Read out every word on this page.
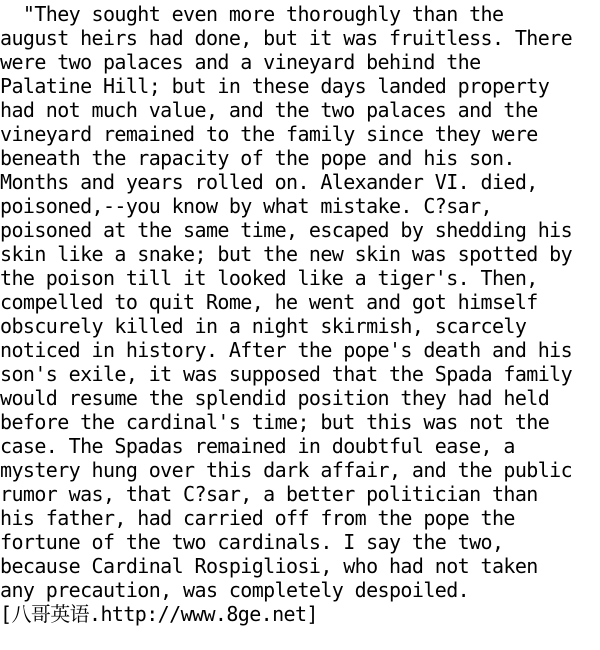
"They sought even more thoroughly than the
august heirs had done, but it was fruitless. There
were two palaces and a vineyard behind the
Palatine Hill; but in these days landed property
had not much value, and the two palaces and the
vineyard remained to the family since they were
beneath the rapacity of the pope and his son.
Months and years rolled on. Alexander VI. died,
poisoned,--you know by what mistake. C?sar,
poisoned at the same time, escaped by shedding his
skin like a snake; but the new skin was spotted by
the poison till it looked like a tiger's. Then,
compelled to quit Rome, he went and got himself
obscurely killed in a night skirmish, scarcely
noticed in history. After the pope's death and his
son's exile, it was supposed that the Spada family
would resume the splendid position they had held
before the cardinal's time; but this was not the
case. The Spadas remained in doubtful ease, a
mystery hung over this dark affair, and the public
rumor was, that C?sar, a better politician than
his father, had carried off from the pope the
fortune of the two cardinals. I say the two,
because Cardinal Rospigliosi, who had not taken
any precaution, was completely despoiled.
[八哥英语.http://www.8ge.net]
